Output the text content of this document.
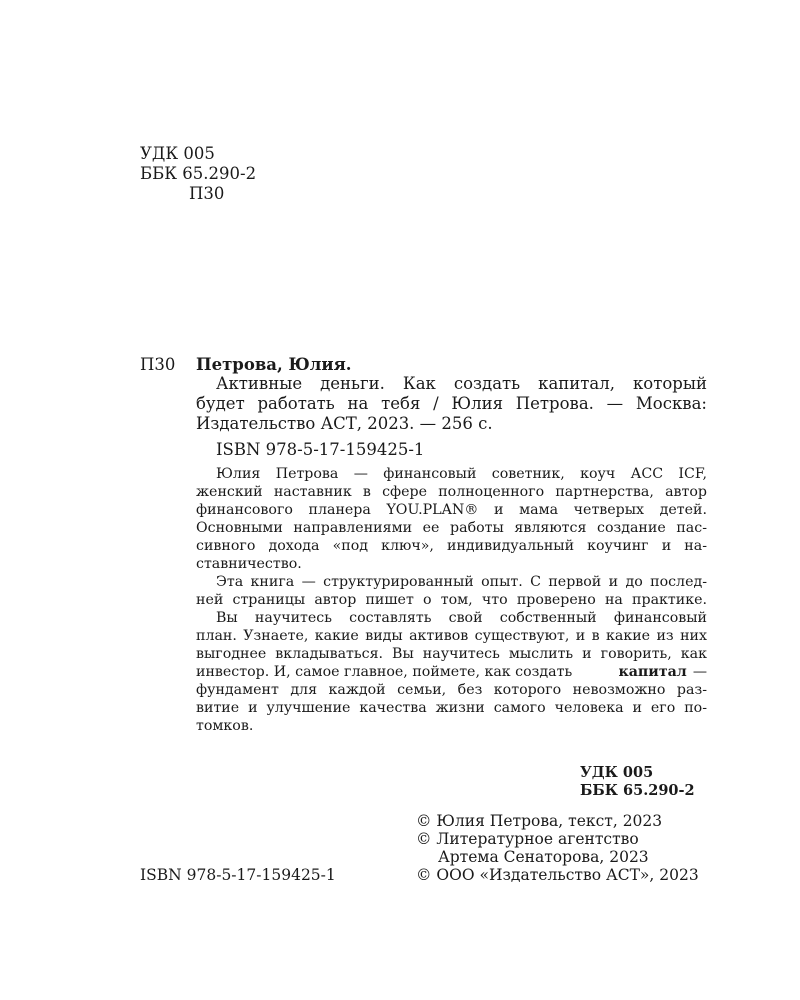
УДК 005
ББК 65.290-2
П30
П30 Петрова, Юлия.
Активные деньги. Как создать капитал, который
будет работать на тебя / Юлия Петрова. — Москва:
Издательство АСТ, 2023. — 256 с.
ISBN 978-5-17-159425-1
Юлия Петрова — финансовый советник, коуч АСС ICF,
женский наставник в сфере полноценного партнерства, автор
финансового планера YOU.PLAN® и мама четверых детей.
Основными направлениями ее работы являются создание пас-
сивного дохода «под ключ», индивидуальный коучинг и на-
ставничество.
Эта книга — структурированный опыт. С первой и до послед-
ней страницы автор пишет о том, что проверено на практике.
Вы научитесь составлять свой собственный финансовый
план. Узнаете, какие виды активов существуют, и в какие из них
выгоднее вкладываться. Вы научитесь мыслить и говорить, как
инвестор. И, самое главное, поймете, как создать	капитал —
фундамент для каждой семьи, без которого невозможно раз-
витие и улучшение качества жизни самого человека и его по-
томков.
УДК 005
ББК 65.290-2
© Юлия Петрова, текст, 2023
© Литературное агентство
Артема Сенаторова, 2023
© ООО «Издательство АСТ», 2023
ISBN 978-5-17-159425-1
